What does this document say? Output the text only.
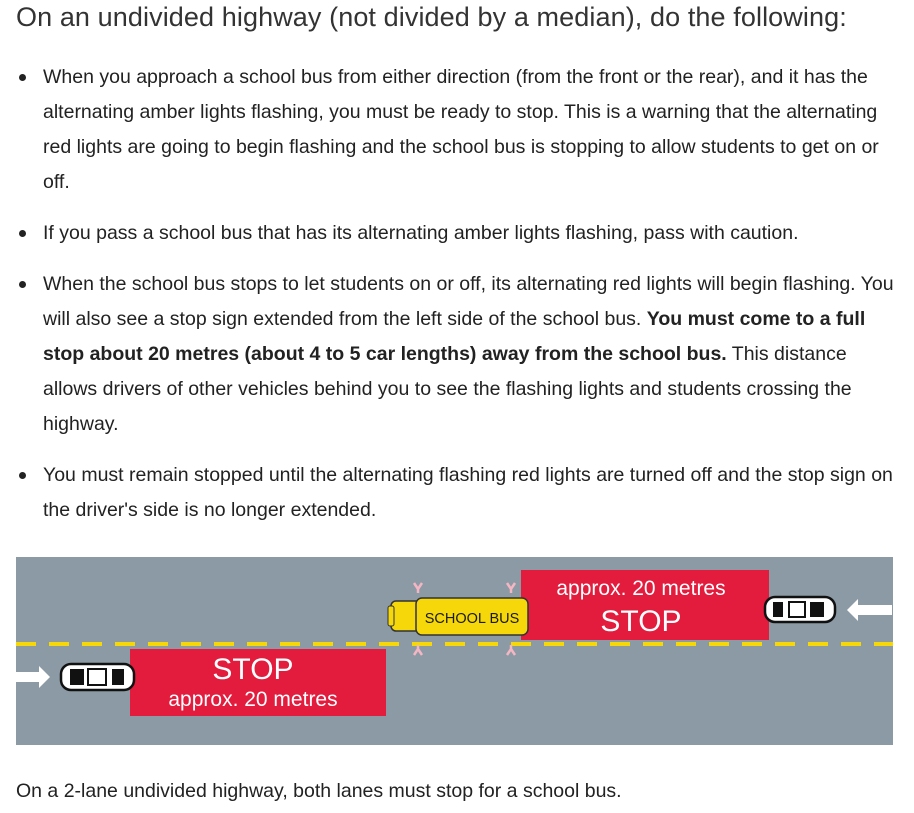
On an undivided highway (not divided by a median), do the following:
When you approach a school bus from either direction (from the front or the rear), and it has the alternating amber lights flashing, you must be ready to stop. This is a warning that the alternating red lights are going to begin flashing and the school bus is stopping to allow students to get on or off.
If you pass a school bus that has its alternating amber lights flashing, pass with caution.
When the school bus stops to let students on or off, its alternating red lights will begin flashing. You will also see a stop sign extended from the left side of the school bus. You must come to a full stop about 20 metres (about 4 to 5 car lengths) away from the school bus. This distance allows drivers of other vehicles behind you to see the flashing lights and students crossing the highway.
You must remain stopped until the alternating flashing red lights are turned off and the stop sign on the driver's side is no longer extended.
approx. 20 metres
STOP
STOP
approx. 20 metres
SCHOOL BUS

On a 2-lane undivided highway, both lanes must stop for a school bus.
